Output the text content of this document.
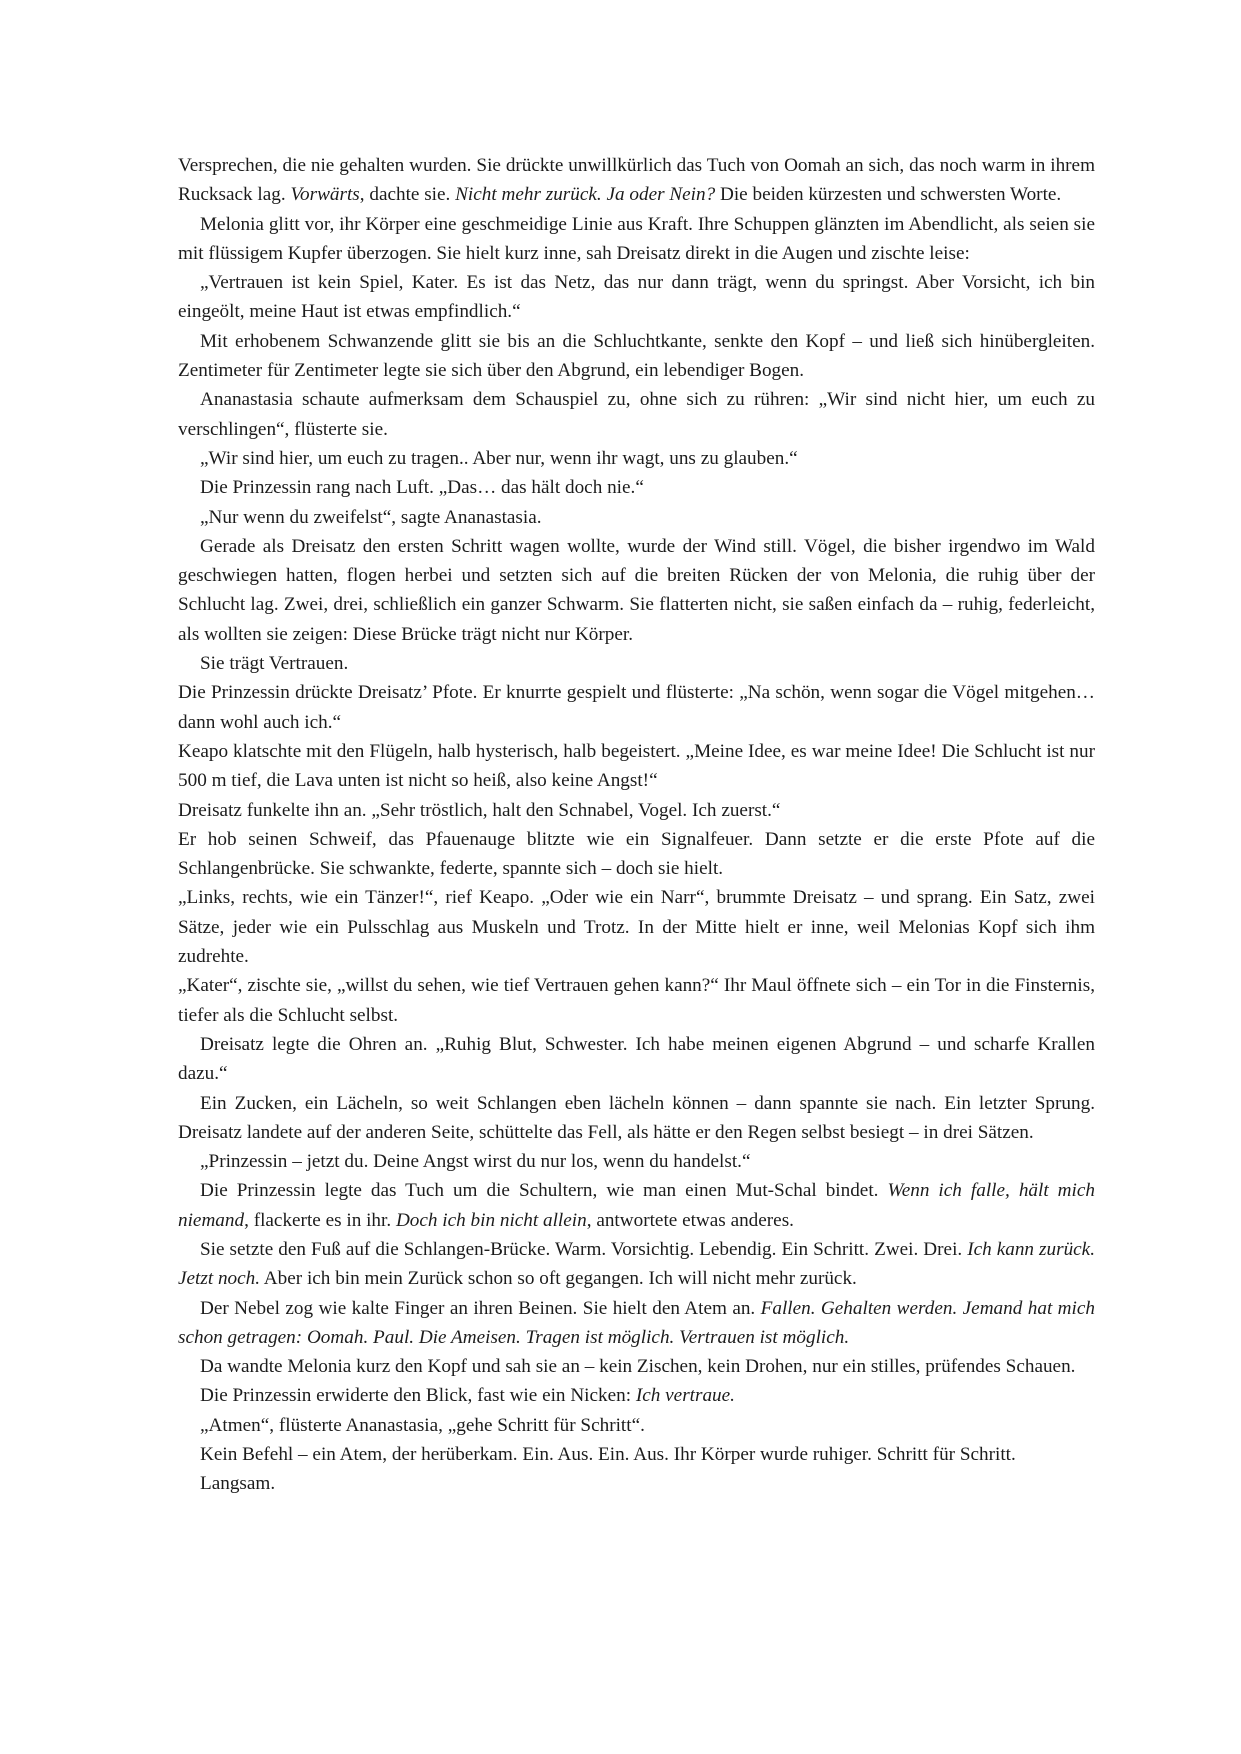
Versprechen, die nie gehalten wurden. Sie drückte unwillkürlich das Tuch von Oomah an sich, das noch warm in ihrem Rucksack lag. Vorwärts, dachte sie. Nicht mehr zurück. Ja oder Nein? Die beiden kürzesten und schwersten Worte.

Melonia glitt vor, ihr Körper eine geschmeidige Linie aus Kraft. Ihre Schuppen glänzten im Abendlicht, als seien sie mit flüssigem Kupfer überzogen. Sie hielt kurz inne, sah Dreisatz direkt in die Augen und zischte leise:

„Vertrauen ist kein Spiel, Kater. Es ist das Netz, das nur dann trägt, wenn du springst. Aber Vorsicht, ich bin eingeölt, meine Haut ist etwas empfindlich.“

Mit erhobenem Schwanzende glitt sie bis an die Schluchtkante, senkte den Kopf – und ließ sich hinübergleiten. Zentimeter für Zentimeter legte sie sich über den Abgrund, ein lebendiger Bogen.

Ananastasia schaute aufmerksam dem Schauspiel zu, ohne sich zu rühren: „Wir sind nicht hier, um euch zu verschlingen“, flüsterte sie.

„Wir sind hier, um euch zu tragen.. Aber nur, wenn ihr wagt, uns zu glauben.“

Die Prinzessin rang nach Luft. „Das… das hält doch nie.“

„Nur wenn du zweifelst“, sagte Ananastasia.

Gerade als Dreisatz den ersten Schritt wagen wollte, wurde der Wind still. Vögel, die bisher irgendwo im Wald geschwiegen hatten, flogen herbei und setzten sich auf die breiten Rücken der von Melonia, die ruhig über der Schlucht lag. Zwei, drei, schließlich ein ganzer Schwarm. Sie flatterten nicht, sie saßen einfach da – ruhig, federleicht, als wollten sie zeigen: Diese Brücke trägt nicht nur Körper.

Sie trägt Vertrauen.

Die Prinzessin drückte Dreisatz’ Pfote. Er knurrte gespielt und flüsterte: „Na schön, wenn sogar die Vögel mitgehen… dann wohl auch ich.“

Keapo klatschte mit den Flügeln, halb hysterisch, halb begeistert. „Meine Idee, es war meine Idee! Die Schlucht ist nur 500 m tief, die Lava unten ist nicht so heiß, also keine Angst!“

Dreisatz funkelte ihn an. „Sehr tröstlich, halt den Schnabel, Vogel. Ich zuerst.“

Er hob seinen Schweif, das Pfauenauge blitzte wie ein Signalfeuer. Dann setzte er die erste Pfote auf die Schlangenbrücke. Sie schwankte, federte, spannte sich – doch sie hielt.

„Links, rechts, wie ein Tänzer!“, rief Keapo. „Oder wie ein Narr“, brummte Dreisatz – und sprang. Ein Satz, zwei Sätze, jeder wie ein Pulsschlag aus Muskeln und Trotz. In der Mitte hielt er inne, weil Melonias Kopf sich ihm zudrehte.

„Kater“, zischte sie, „willst du sehen, wie tief Vertrauen gehen kann?“ Ihr Maul öffnete sich – ein Tor in die Finsternis, tiefer als die Schlucht selbst.

Dreisatz legte die Ohren an. „Ruhig Blut, Schwester. Ich habe meinen eigenen Abgrund – und scharfe Krallen dazu.“

Ein Zucken, ein Lächeln, so weit Schlangen eben lächeln können – dann spannte sie nach. Ein letzter Sprung. Dreisatz landete auf der anderen Seite, schüttelte das Fell, als hätte er den Regen selbst besiegt – in drei Sätzen.

„Prinzessin – jetzt du. Deine Angst wirst du nur los, wenn du handelst.“

Die Prinzessin legte das Tuch um die Schultern, wie man einen Mut-Schal bindet. Wenn ich falle, hält mich niemand, flackerte es in ihr. Doch ich bin nicht allein, antwortete etwas anderes.

Sie setzte den Fuß auf die Schlangen-Brücke. Warm. Vorsichtig. Lebendig. Ein Schritt. Zwei. Drei. Ich kann zurück. Jetzt noch. Aber ich bin mein Zurück schon so oft gegangen. Ich will nicht mehr zurück.

Der Nebel zog wie kalte Finger an ihren Beinen. Sie hielt den Atem an. Fallen. Gehalten werden. Jemand hat mich schon getragen: Oomah. Paul. Die Ameisen. Tragen ist möglich. Vertrauen ist möglich.

Da wandte Melonia kurz den Kopf und sah sie an – kein Zischen, kein Drohen, nur ein stilles, prüfendes Schauen.

Die Prinzessin erwiderte den Blick, fast wie ein Nicken: Ich vertraue.

„Atmen“, flüsterte Ananastasia, „gehe Schritt für Schritt“.

Kein Befehl – ein Atem, der herüberkam. Ein. Aus. Ein. Aus. Ihr Körper wurde ruhiger. Schritt für Schritt.

Langsam.
